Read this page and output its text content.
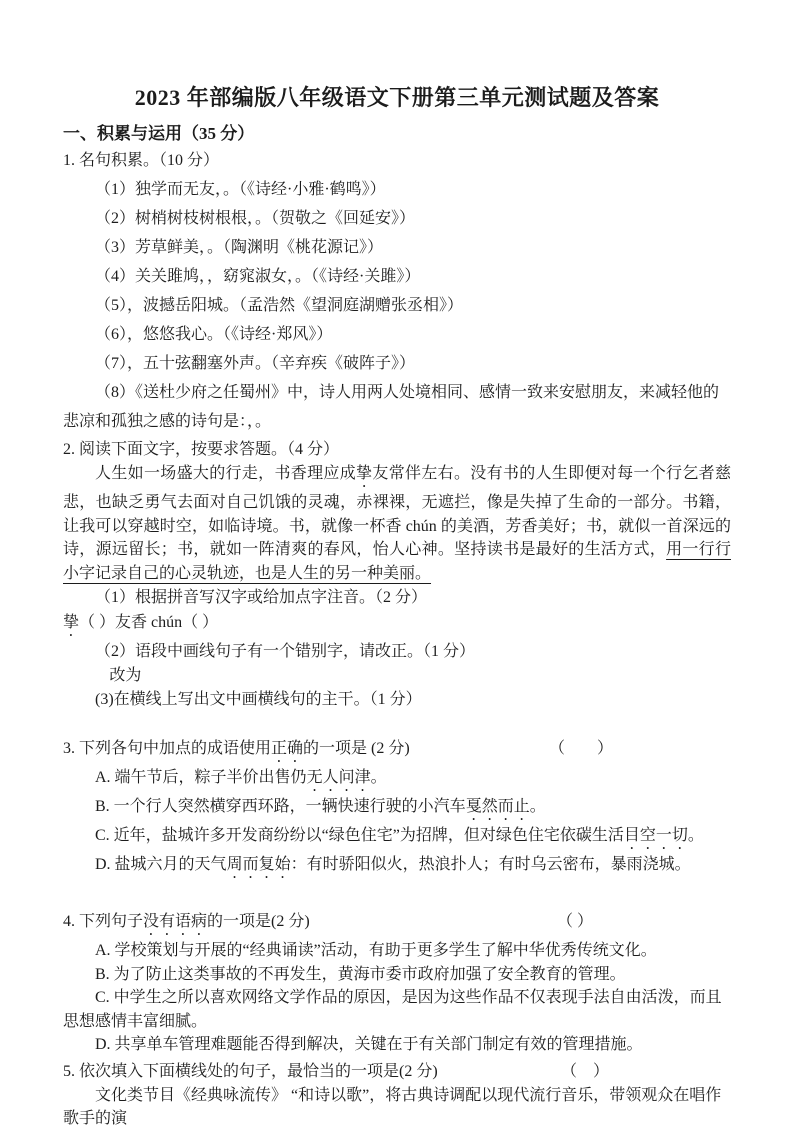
2023 年部编版八年级语文下册第三单元测试题及答案
一、积累与运用（35 分）

1. 名句积累。（10 分）

（1）独学而无友，。（《诗经·小雅·鹤鸣》）

（2）树梢树枝树根根，。（贺敬之《回延安》）

（3）芳草鲜美，。（陶渊明《桃花源记》）

（4）关关雎鸠，，窈窕淑女，。（《诗经·关雎》）

（5），波撼岳阳城。（孟浩然《望洞庭湖赠张丞相》）

（6），悠悠我心。（《诗经·郑风》）

（7），五十弦翻塞外声。（辛弃疾《破阵子》）

（8）《送杜少府之任蜀州》中，诗人用两人处境相同、感情一致来安慰朋友，来减轻他的悲凉和孤独之感的诗句是：，。

2. 阅读下面文字，按要求答题。（4 分）

人生如一场盛大的行走，书香理应成挚友常伴左右。没有书的人生即便对每一个行乞者慈悲，也缺乏勇气去面对自己饥饿的灵魂，赤裸裸，无遮拦，像是失掉了生命的一部分。书籍，让我可以穿越时空，如临诗境。书，就像一杯香 chún 的美酒，芳香美好；书，就似一首深远的诗，源远留长；书，就如一阵清爽的春风，怡人心神。坚持读书是最好的生活方式，用一行行小字记录自己的心灵轨迹，也是人生的另一种美丽。

（1）根据拼音写汉字或给加点字注音。（2 分）

挚（ ）友香 chún（ ）

（2）语段中画线句子有一个错别字，请改正。（1 分）

改为

(3)在横线上写出文中画横线句的主干。（1 分）

3. 下列各句中加点的成语使用正确的一项是 (2 分)	（　　）

A. 端午节后，粽子半价出售仍无人问津。

B. 一个行人突然横穿西环路，一辆快速行驶的小汽车戛然而止。

C. 近年，盐城许多开发商纷纷以“绿色住宅”为招牌，但对绿色住宅依碳生活目空一切。

D. 盐城六月的天气周而复始：有时骄阳似火，热浪扑人；有时乌云密布，暴雨浇城。

4. 下列句子没有语病的一项是(2 分)	（ ）

A. 学校策划与开展的“经典诵读”活动，有助于更多学生了解中华优秀传统文化。

B. 为了防止这类事故的不再发生，黄海市委市政府加强了安全教育的管理。

C. 中学生之所以喜欢网络文学作品的原因，是因为这些作品不仅表现手法自由活泼，而且思想感情丰富细腻。

D. 共享单车管理难题能否得到解决，关键在于有关部门制定有效的管理措施。

5. 依次填入下面横线处的句子，最恰当的一项是(2 分)	（　）

文化类节目《经典咏流传》 “和诗以歌”，将古典诗调配以现代流行音乐，带领观众在唱作歌手的演
